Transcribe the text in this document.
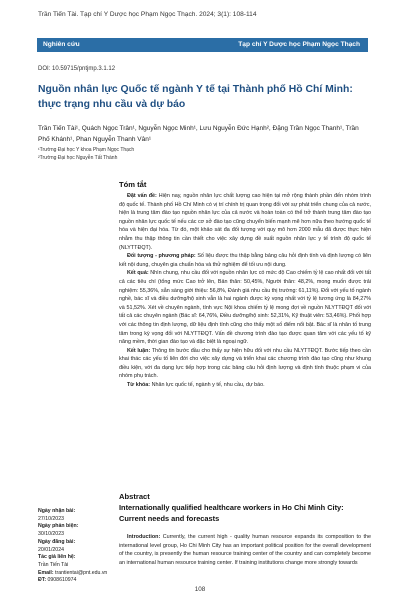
Trần Tiến Tài. Tạp chí Y Dược học Phạm Ngọc Thạch. 2024; 3(1): 108-114
Nghiên cứu	Tạp chí Y Dược học Phạm Ngọc Thạch
DOI: 10.59715/pntjmp.3.1.12
Nguồn nhân lực Quốc tế ngành Y tế tại Thành phố Hồ Chí Minh: thực trạng nhu cầu và dự báo
Trần Tiến Tài¹, Quách Ngọc Trân¹, Nguyễn Ngọc Minh¹, Lưu Nguyễn Đức Hạnh², Đặng Trần Ngọc Thanh¹, Trần Phố Khánh¹, Phan Nguyễn Thanh Vân¹
¹Trường Đại học Y khoa Phạm Ngọc Thạch
²Trường Đại học Nguyễn Tất Thành
Tóm tắt

Đặt vấn đề: Hiện nay, nguồn nhân lực chất lượng cao hiện tại mở rộng thành phần đến nhóm trình độ quốc tế. Thành phố Hồ Chí Minh có vị trí chính trị quan trọng đối với sự phát triển chung của cả nước, hiện là trung tâm đào tạo nguồn nhân lực của cả nước và hoàn toàn có thể trở thành trung tâm đào tạo nguồn nhân lực quốc tế nếu các cơ sở đào tạo cũng chuyển biến mạnh mẽ hơn nữa theo hướng quốc tế hóa và hiện đại hóa. Từ đó, một khảo sát đa đối tượng với quy mô hơn 2000 mẫu đã được thực hiện nhằm thu thập thông tin cần thiết cho việc xây dựng đề xuất nguồn nhân lực y tế trình độ quốc tế (NLYTTĐQT).

Đối tượng - phương pháp: Số liệu được thu thập bằng bảng câu hỏi định tính và định lượng có liên kết nội dung, chuyên gia chuẩn hóa và thử nghiệm để tối ưu nội dung.

Kết quả: Nhìn chung, nhu cầu đối với nguồn nhân lực có mức độ Cao chiếm tỷ lệ cao nhất đối với tất cả các tiêu chí (tổng mức Cao trở lên, Bản thân: 50,45%, Người thân: 48,2%, mong muốn được trải nghiệm: 55,36%, sẵn sàng giới thiệu: 56,8%, Đánh giá nhu cầu thị trường: 61,11%). Đối với yếu tố ngành nghề, bác sĩ và điều dưỡng/hộ sinh vẫn là hai ngành được kỳ vọng nhất với tỷ lệ tương ứng là 84,27% và 51,52%. Xét về chuyên ngành, tính vực Nội khoa chiếm tỷ lệ mong đợi về nguồn NLYTTĐQT đối với tất cả các chuyên ngành (Bác sĩ: 64,76%, Điều dưỡng/hộ sinh: 52,31%, Kỹ thuật viên: 53,46%). Phối hợp với các thông tin định lượng, dữ liệu định tính cũng cho thấy một số điểm nổi bật. Bác sĩ là nhân tố trung tâm trong kỳ vọng đối với NLYTTĐQT. Vấn đề chương trình đào tạo được quan tâm với các yếu tố kỹ năng mềm, thời gian đào tạo và đặc biệt là ngoại ngữ.

Kết luận: Thông tin bước đầu cho thấy sự hiện hữu đối với nhu cầu NLYTTĐQT. Bước tiếp theo cần khai thác các yếu tố liên đới cho việc xây dựng và triển khai các chương trình đào tạo cũng như khung điều kiện, với đa dạng lực tiếp hợp trong các bảng câu hỏi định lượng và định tính thuộc phạm vi của nhóm phụ trách.

Từ khóa: Nhân lực quốc tế, ngành y tế, nhu cầu, dự báo.

Ngày nhận bài:
27/10/2023
Ngày phản biện:
30/10/2023
Ngày đăng bài:
20/01/2024
Tác giả liên hệ:
Trần Tiến Tài
Email: trantientai@pnt.edu.vn
ĐT: 0908610974
Abstract
Internationally qualified healthcare workers in Ho Chi Minh City: Current needs and forecasts

Introduction: Currently, the current high - quality human resource expands its composition to the international level group, Ho Chi Minh City has an important political position for the overall development of the country, is presently the human resource training center of the country and can completely become an international human resource training center. If training institutions change more strongly towards

108
